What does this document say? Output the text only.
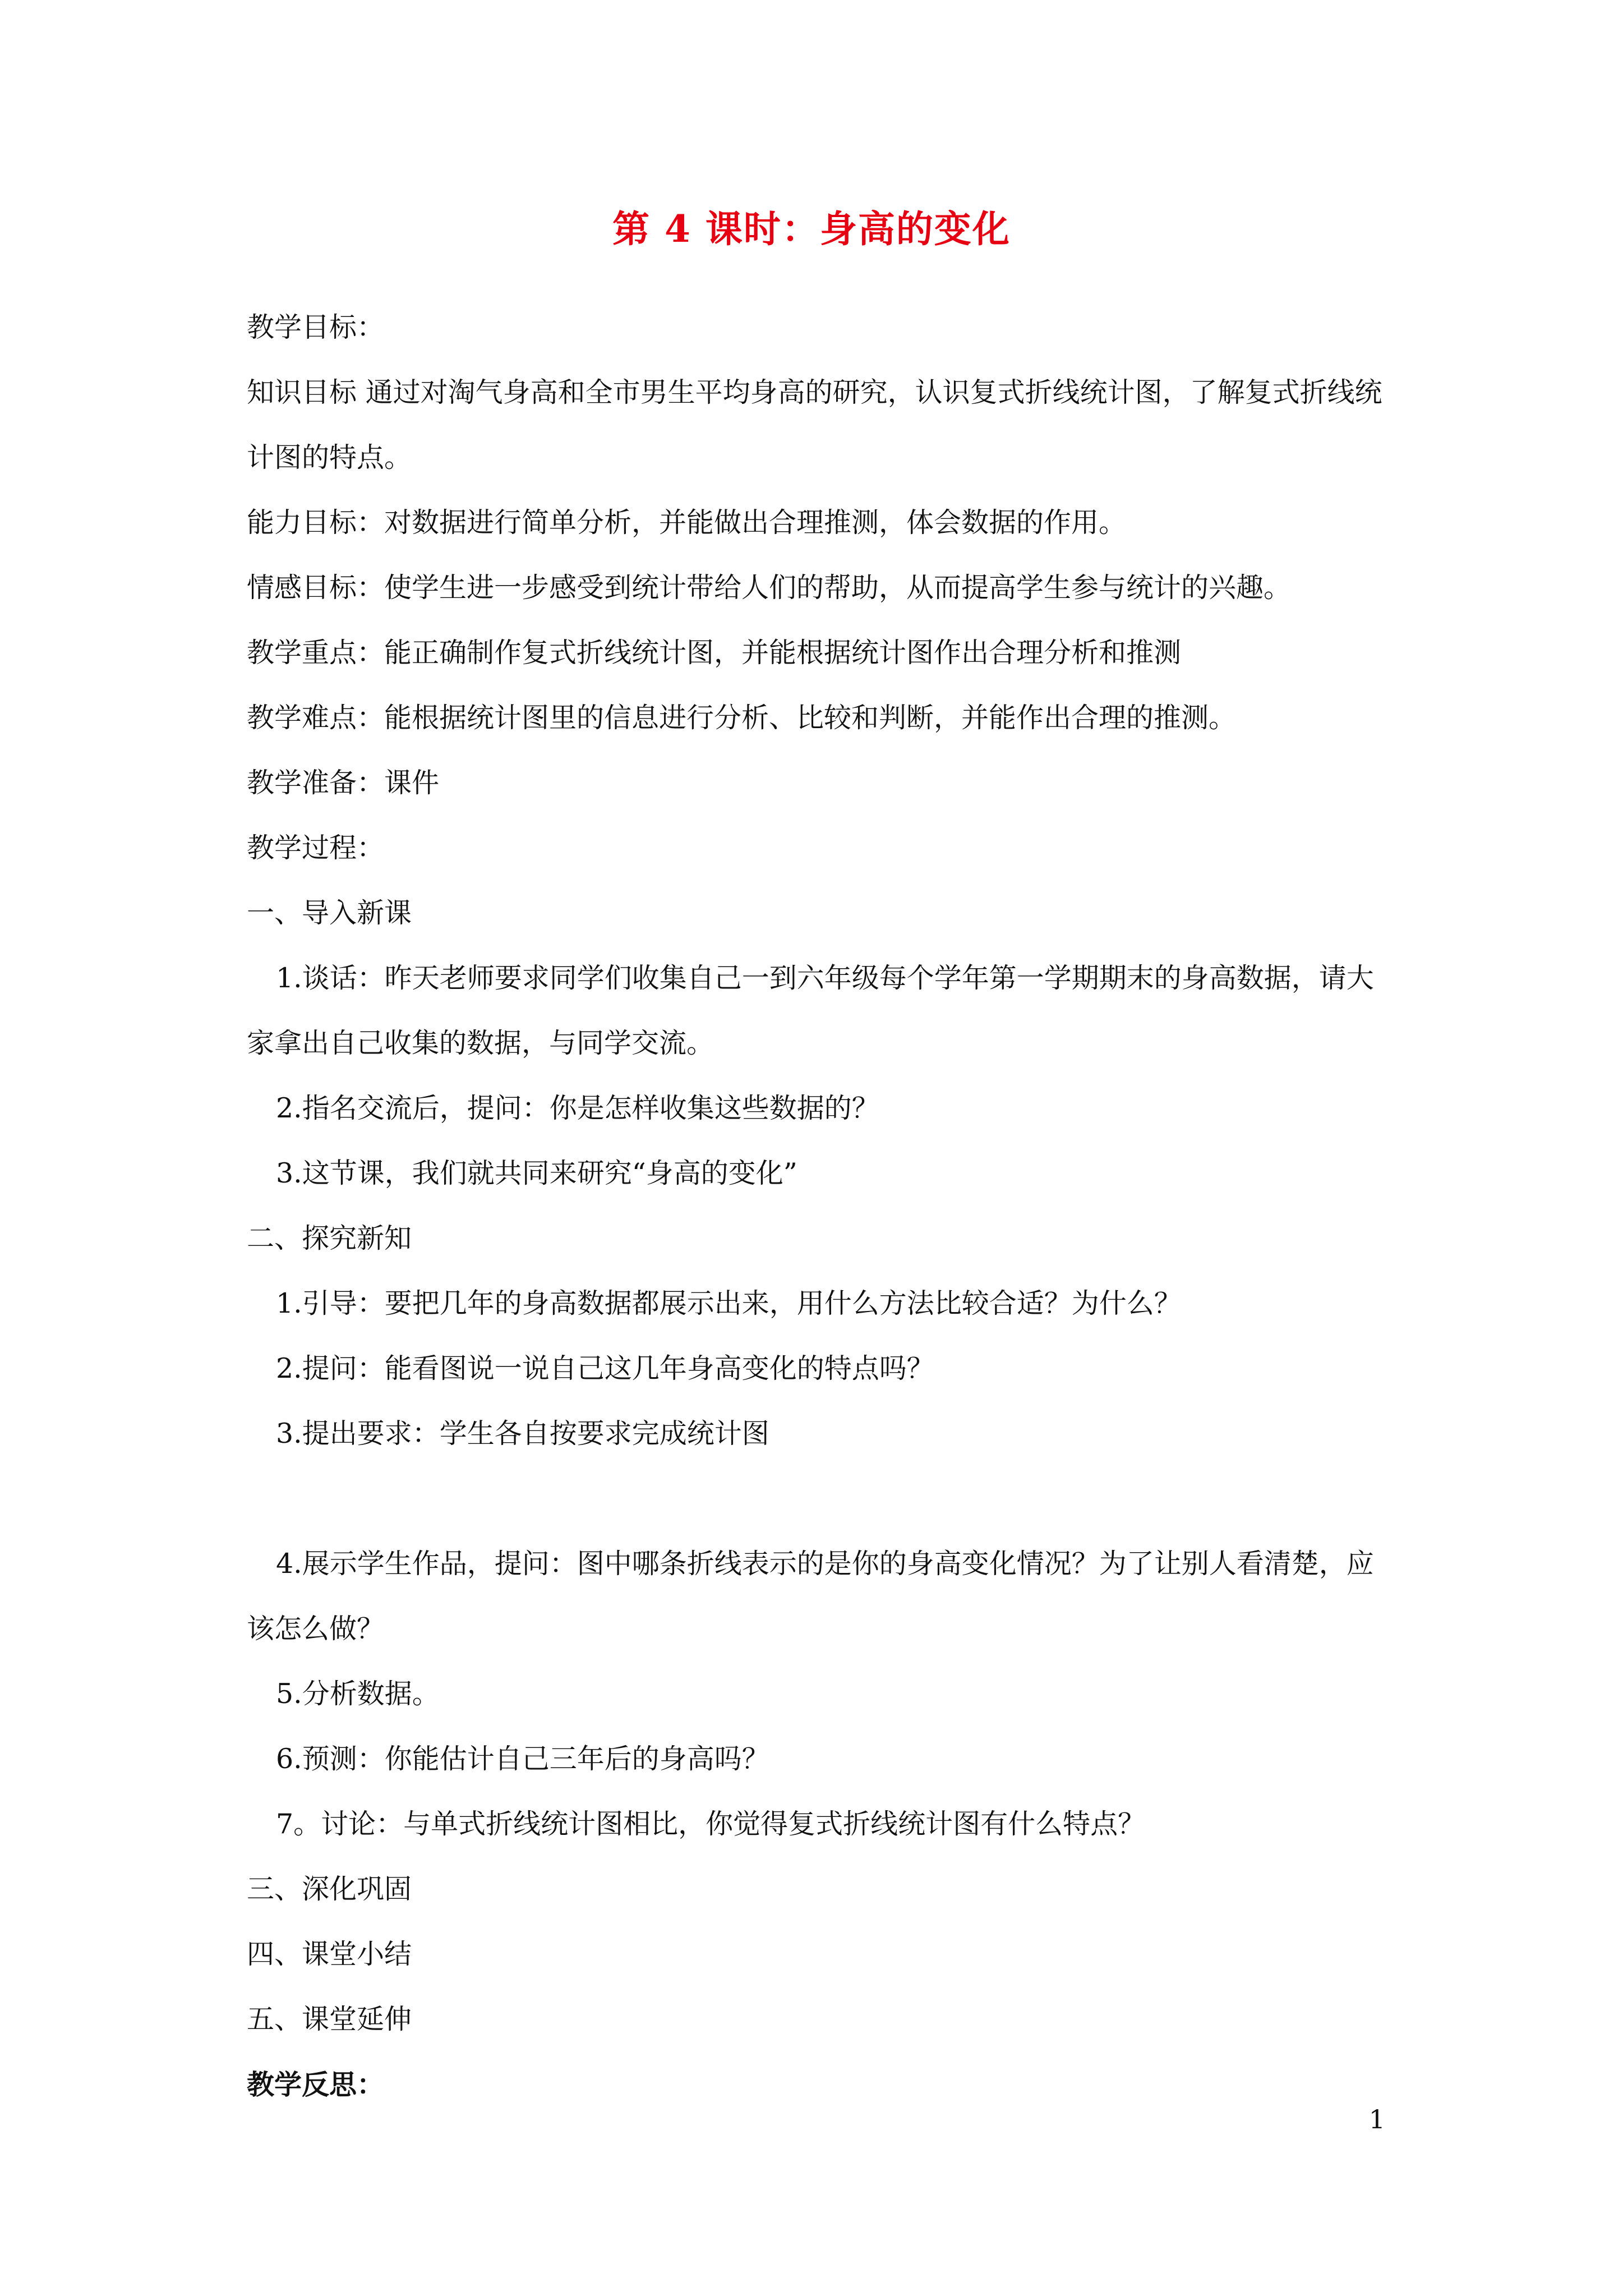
第 4 课时：身高的变化

教学目标：

知识目标 通过对淘气身高和全市男生平均身高的研究，认识复式折线统计图，了解复式折线统计图的特点。

能力目标：对数据进行简单分析，并能做出合理推测，体会数据的作用。

情感目标：使学生进一步感受到统计带给人们的帮助，从而提高学生参与统计的兴趣。

教学重点：能正确制作复式折线统计图，并能根据统计图作出合理分析和推测

教学难点：能根据统计图里的信息进行分析、比较和判断，并能作出合理的推测。

教学准备：课件

教学过程：

一、导入新课

1.谈话：昨天老师要求同学们收集自己一到六年级每个学年第一学期期末的身高数据，请大家拿出自己收集的数据，与同学交流。

2.指名交流后，提问：你是怎样收集这些数据的？

3.这节课，我们就共同来研究“身高的变化”

二、探究新知

1.引导：要把几年的身高数据都展示出来，用什么方法比较合适？为什么？

2.提问：能看图说一说自己这几年身高变化的特点吗？

3.提出要求：学生各自按要求完成统计图

4.展示学生作品，提问：图中哪条折线表示的是你的身高变化情况？为了让别人看清楚，应该怎么做？

5.分析数据。

6.预测：你能估计自己三年后的身高吗？

7。讨论：与单式折线统计图相比，你觉得复式折线统计图有什么特点？

三、深化巩固

四、课堂小结

五、课堂延伸

教学反思：

1
